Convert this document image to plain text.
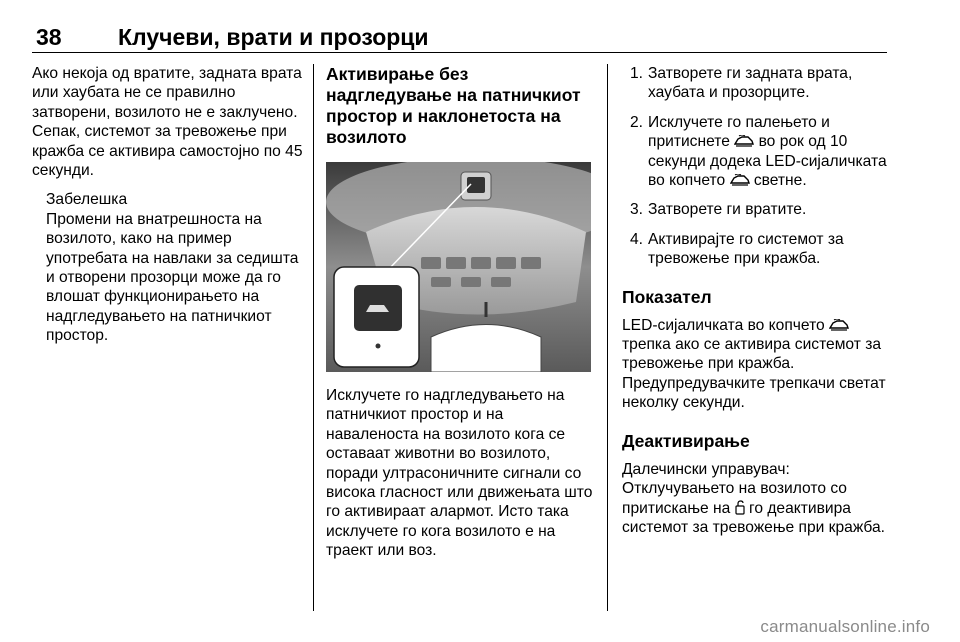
38 Клучеви, врати и прозорци

Ако некоја од вратите, задната врата или хаубата не се правилно затворени, возилото не е заклучено. Сепак, системот за тревожење при кражба се активира самостојно по 45 секунди.

Забелешка

Промени на внатрешноста на возилото, како на пример употребата на навлаки за седишта и отворени прозорци може да го влошат функционирањето на надгледувањето на патничкиот простор.

Активирање без надгледување на патничкиот простор и наклонетоста на возилото

Исклучете го надгледувањето на патничкиот простор и на наваленоста на возилото кога се оставаат животни во возилото, поради ултрасоничните сигнали со висока гласност или движењата што го активираат алармот. Исто така исклучете го кога возилото е на траект или воз.

1. Затворете ги задната врата, хаубата и прозорците.
2. Исклучете го палењето и притиснете во рок од 10 секунди додека LED-сијаличката во копчето светне.
3. Затворете ги вратите.
4. Активирајте го системот за тревожење при кражба.
Показател

LED-сијаличката во копчето  трепка ако се активира системот за тревожење при кражба. Предупредувачките трепкачи светат неколку секунди.

Деактивирање

Далечински управувач: Отклучувањето на возилото со притискање на го деактивира системот за тревожење при кражба.

carmanualsonline.info
